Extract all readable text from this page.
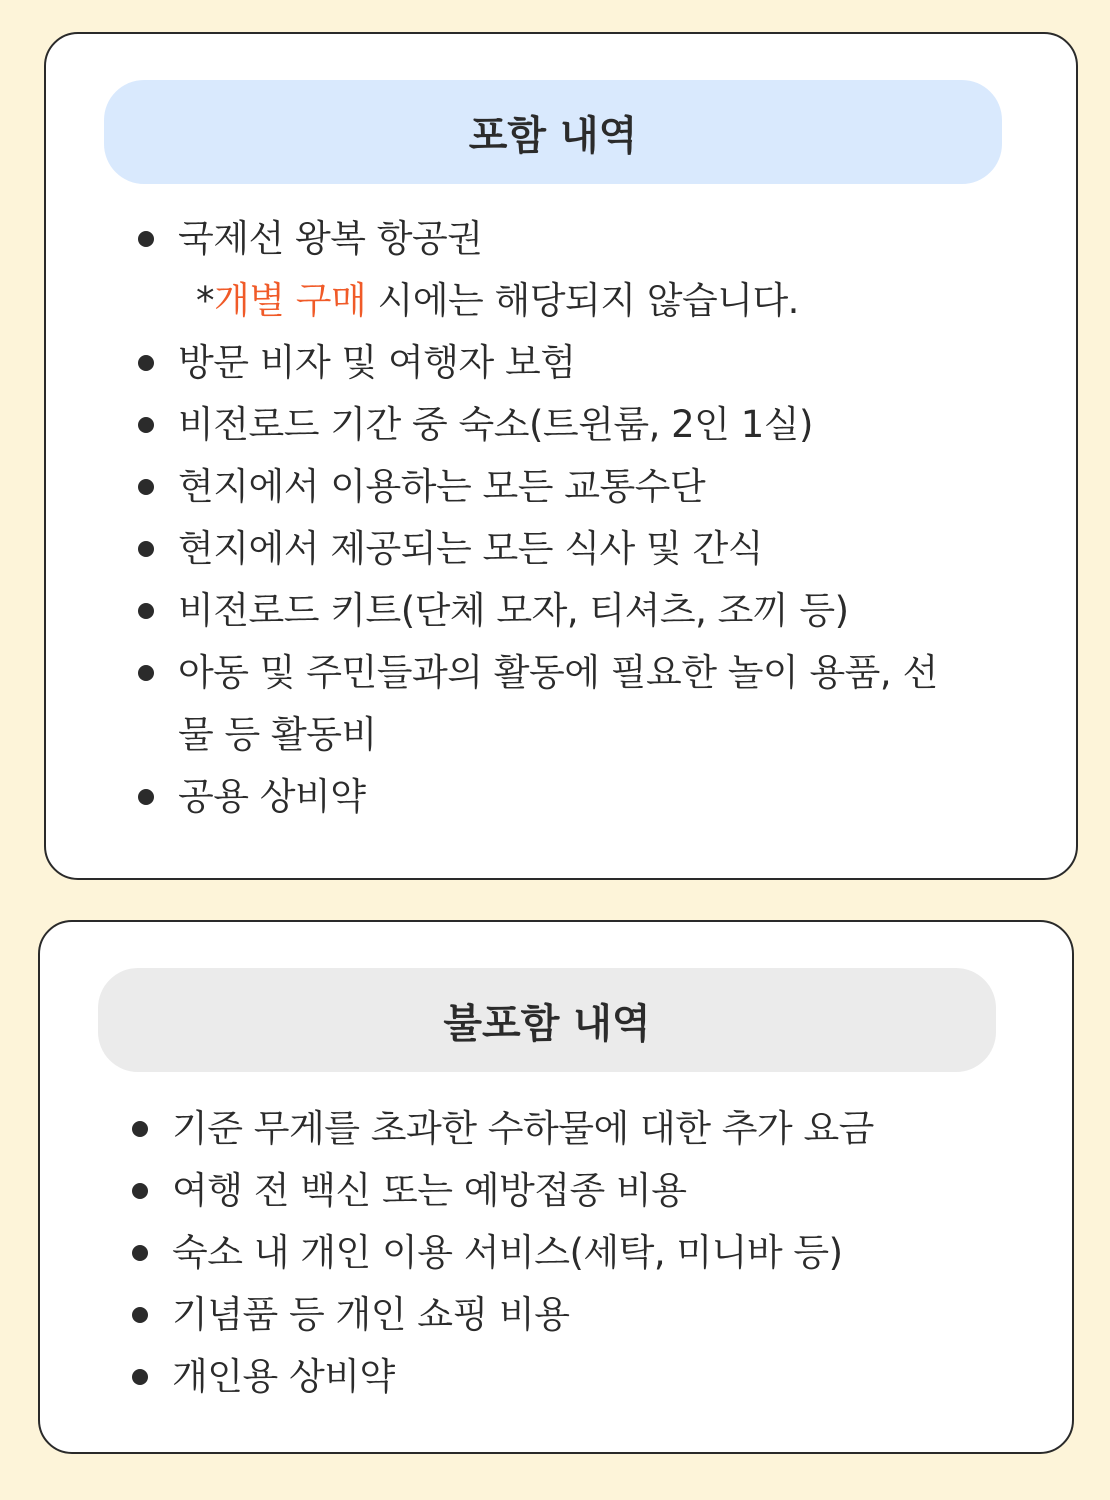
포함 내역
국제선 왕복 항공권
*개별 구매 시에는 해당되지 않습니다.
방문 비자 및 여행자 보험
비전로드 기간 중 숙소(트윈룸, 2인 1실)
현지에서 이용하는 모든 교통수단
현지에서 제공되는 모든 식사 및 간식
비전로드 키트(단체 모자, 티셔츠, 조끼 등)
아동 및 주민들과의 활동에 필요한 놀이 용품, 선물 등 활동비
공용 상비약
불포함 내역
기준 무게를 초과한 수하물에 대한 추가 요금
여행 전 백신 또는 예방접종 비용
숙소 내 개인 이용 서비스(세탁, 미니바 등)
기념품 등 개인 쇼핑 비용
개인용 상비약
